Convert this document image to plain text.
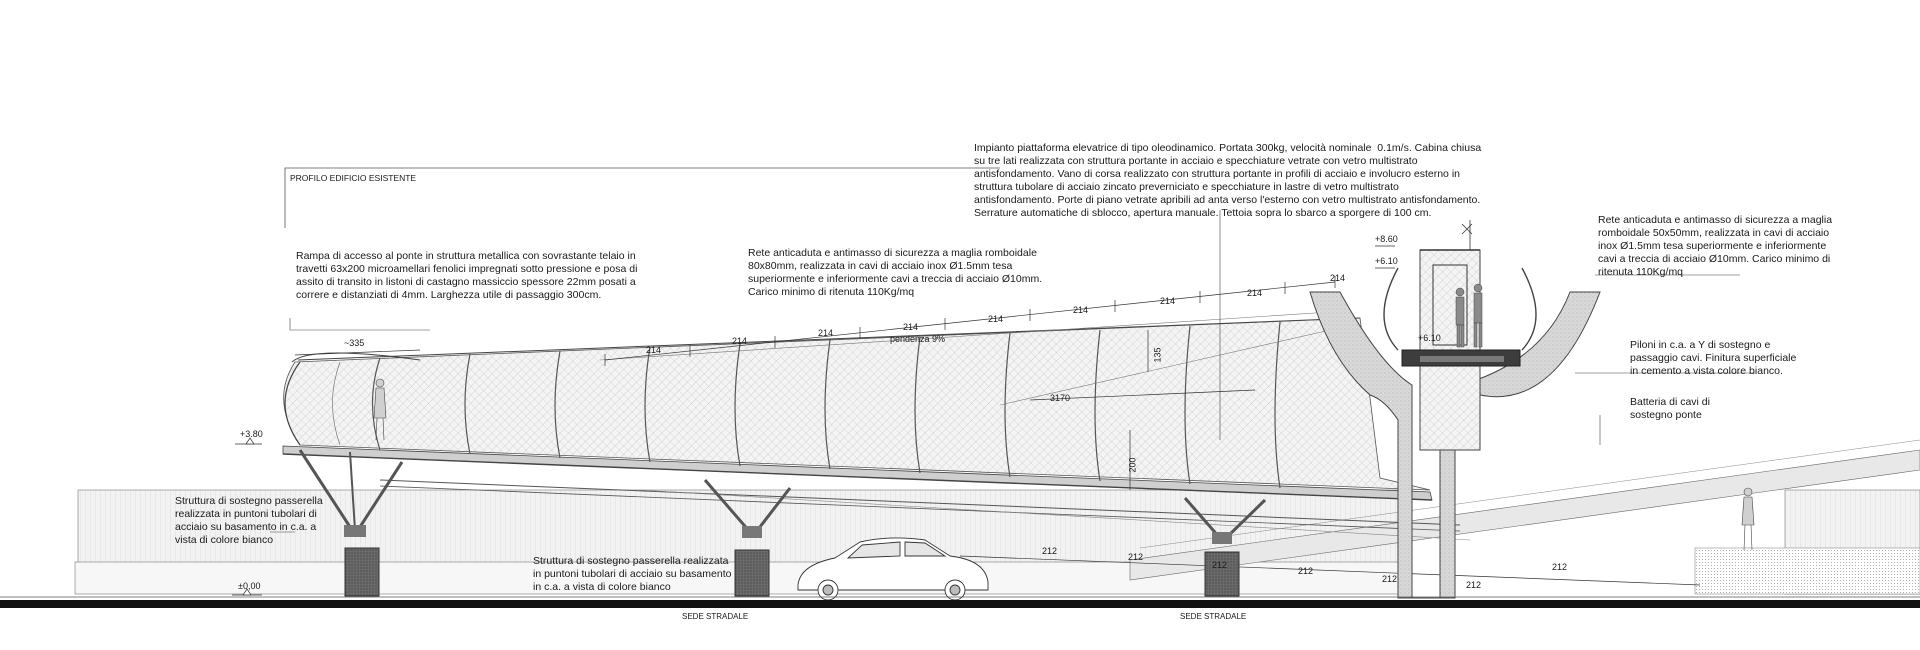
PROFILO EDIFICIO ESISTENTE
Rampa di accesso al ponte in struttura metallica con sovrastante telaio in
travetti 63x200 microamellari fenolici impregnati sotto pressione e posa di
assito di transito in listoni di castagno massiccio spessore 22mm posati a
correre e distanziati di 4mm. Larghezza utile di passaggio 300cm.
Rete anticaduta e antimasso di sicurezza a maglia romboidale
80x80mm, realizzata in cavi di acciaio inox Ø1.5mm tesa
superiormente e inferiormente cavi a treccia di acciaio Ø10mm.
Carico minimo di ritenuta 110Kg/mq
Impianto piattaforma elevatrice di tipo oleodinamico. Portata 300kg, velocità nominale  0.1m/s. Cabina chiusa
su tre lati realizzata con struttura portante in acciaio e specchiature vetrate con vetro multistrato
antisfondamento. Vano di corsa realizzato con struttura portante in profili di acciaio e involucro esterno in
struttura tubolare di acciaio zincato preverniciato e specchiature in lastre di vetro multistrato
antisfondamento. Porte di piano vetrate apribili ad anta verso l'esterno con vetro multistrato antisfondamento.
Serrature automatiche di sblocco, apertura manuale. Tettoia sopra lo sbarco a sporgere di 100 cm.
Rete anticaduta e antimasso di sicurezza a maglia
romboidale 50x50mm, realizzata in cavi di acciaio
inox Ø1.5mm tesa superiormente e inferiormente
cavi a treccia di acciaio Ø10mm. Carico minimo di
ritenuta 110Kg/mq
Piloni in c.a. a Y di sostegno e
passaggio cavi. Finitura superficiale
in cemento a vista colore bianco.
Batteria di cavi di
sostegno ponte
Struttura di sostegno passerella
realizzata in puntoni tubolari di
acciaio su basamento in c.a. a
vista di colore bianco
Struttura di sostegno passerella realizzata
in puntoni tubolari di acciaio su basamento
in c.a. a vista di colore bianco
+3.80
±0,00
+8.60
+6.10
+6.10
~335
214
214
214
214
214
214
214
214
214
pendenza 9%
3170
135
200
212
212
212
212
212
212
212
SEDE STRADALE	SEDE STRADALE
